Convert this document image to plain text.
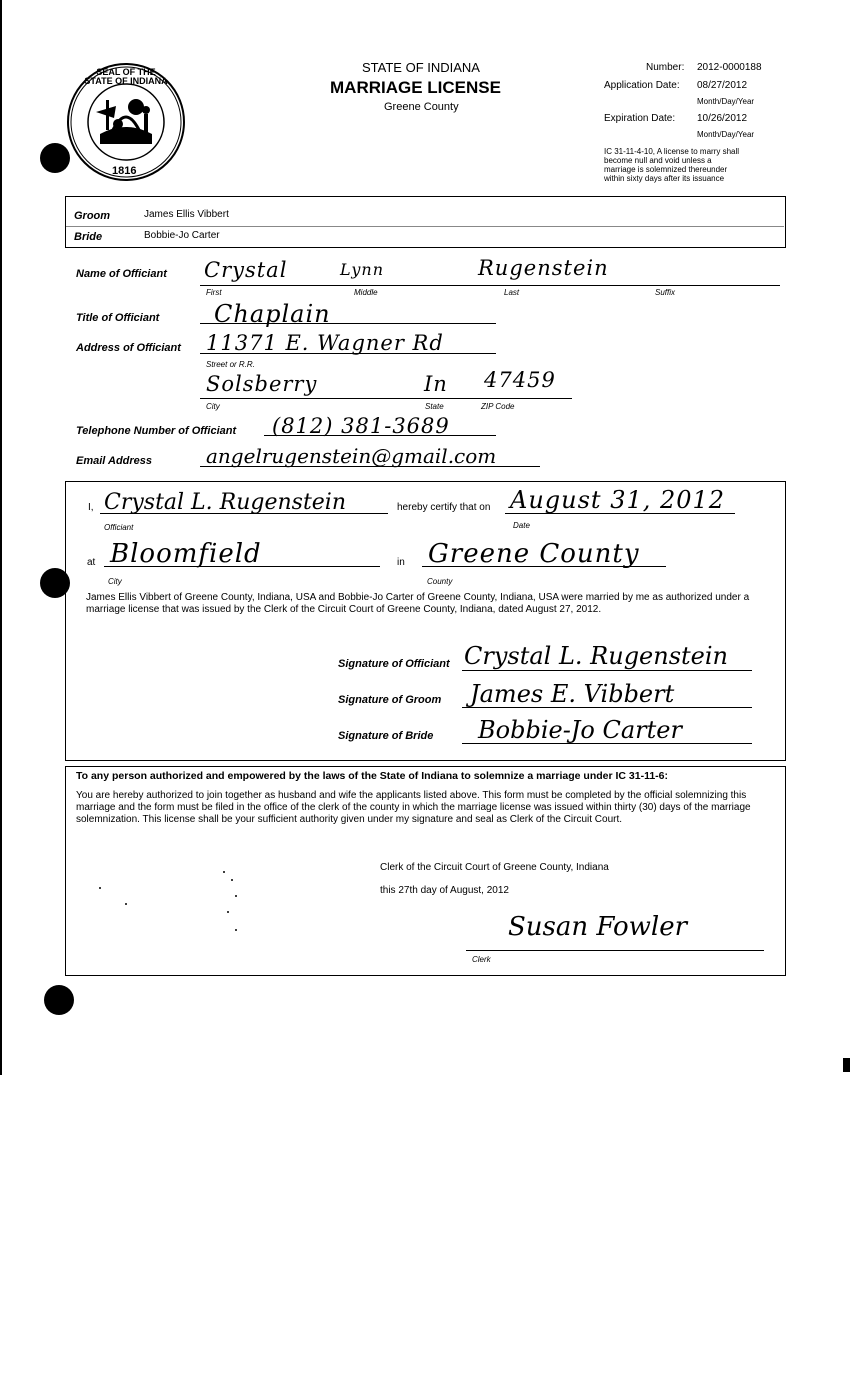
SEAL OF THE STATE OF INDIANA
1816
STATE OF INDIANA
MARRIAGE LICENSE
Greene County
Number: 2012-0000188
Application Date: 08/27/2012
Month/Day/Year
Expiration Date: 10/26/2012
Month/Day/Year
IC 31-11-4-10, A license to marry shall
become null and void unless a
marriage is solemnized thereunder
within sixty days after its issuance
Groom	James Ellis Vibbert
Bride	Bobbie-Jo Carter
Name of Officiant Crystal	Lynn	Rugenstein
First	Middle	Last	Suffix
Title of Officiant Chaplain
Address of Officiant 11371 E. Wagner Rd
Street or R.R.
Solsberry	In 47459
City	State	ZIP Code
Telephone Number of Officiant (812) 381-3689
Email Address	angelrugenstein@gmail.com
I, Crystal L. Rugenstein
Officiant
hereby certify that on August 31, 2012
Date
at Bloomfield
City
in Greene County
County
James Ellis Vibbert of Greene County, Indiana, USA and Bobbie-Jo Carter of Greene County, Indiana, USA were married by me as authorized under a marriage license that was issued by the Clerk of the Circuit Court of Greene County, Indiana, dated August 27, 2012.
Signature of Officiant Crystal L. Rugenstein
Signature of Groom James E. Vibbert
Signature of Bride Bobbie-Jo Carter
To any person authorized and empowered by the laws of the State of Indiana to solemnize a marriage under IC 31-11-6:
You are hereby authorized to join together as husband and wife the applicants listed above. This form must be completed by the official solemnizing this marriage and the form must be filed in the office of the clerk of the county in which the marriage license was issued within thirty (30) days of the marriage solemnization. This license shall be your sufficient authority given under my signature and seal as Clerk of the Circuit Court.
Clerk of the Circuit Court of Greene County, Indiana
this 27th day of August, 2012
Susan Fowler
Clerk
